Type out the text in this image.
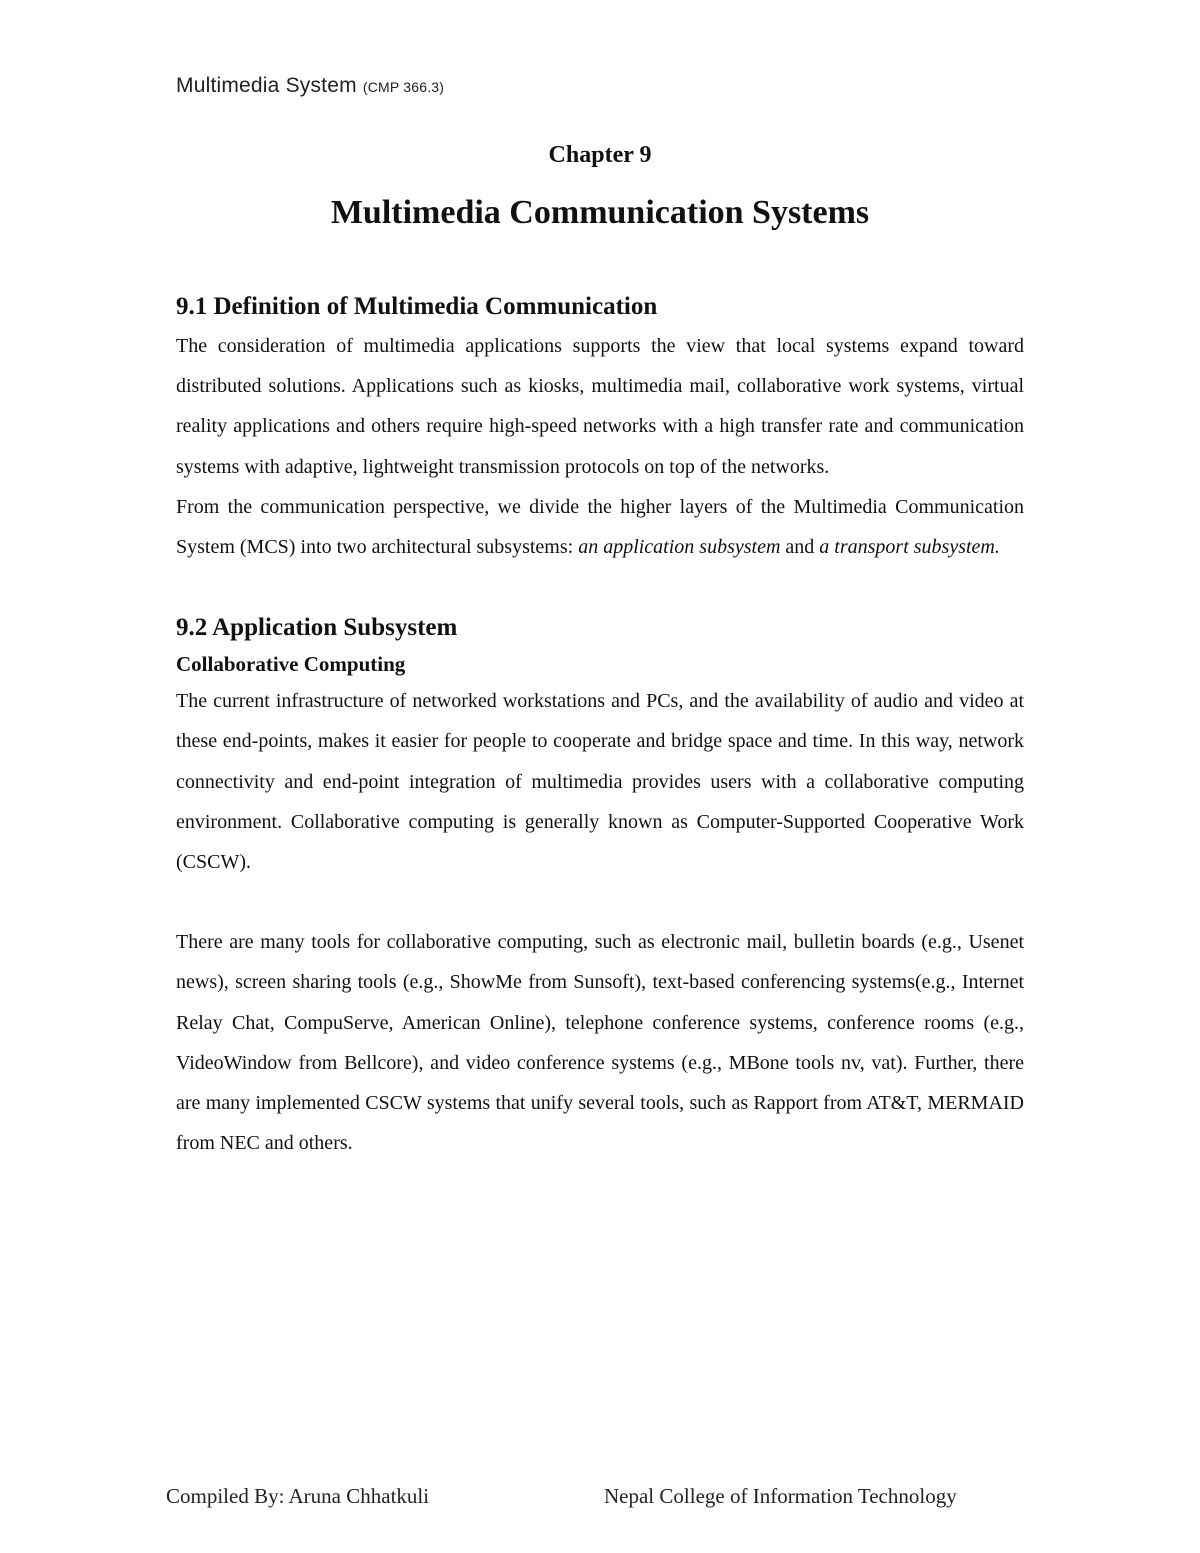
Multimedia System (CMP 366.3)
Chapter 9
Multimedia Communication Systems
9.1 Definition of Multimedia Communication

The consideration of multimedia applications supports the view that local systems expand toward distributed solutions. Applications such as kiosks, multimedia mail, collaborative work systems, virtual reality applications and others require high-speed networks with a high transfer rate and communication systems with adaptive, lightweight transmission protocols on top of the networks.

From the communication perspective, we divide the higher layers of the Multimedia Communication System (MCS) into two architectural subsystems: an application subsystem and a transport subsystem.

9.2 Application Subsystem
Collaborative Computing

The current infrastructure of networked workstations and PCs, and the availability of audio and video at these end-points, makes it easier for people to cooperate and bridge space and time. In this way, network connectivity and end-point integration of multimedia provides users with a collaborative computing environment. Collaborative computing is generally known as Computer-Supported Cooperative Work (CSCW).

There are many tools for collaborative computing, such as electronic mail, bulletin boards (e.g., Usenet news), screen sharing tools (e.g., ShowMe from Sunsoft), text-based conferencing systems(e.g., Internet Relay Chat, CompuServe, American Online), telephone conference systems, conference rooms (e.g., VideoWindow from Bellcore), and video conference systems (e.g., MBone tools nv, vat). Further, there are many implemented CSCW systems that unify several tools, such as Rapport from AT&T, MERMAID from NEC and others.

Compiled By: Aruna Chhatkuli	Nepal College of Information Technology
